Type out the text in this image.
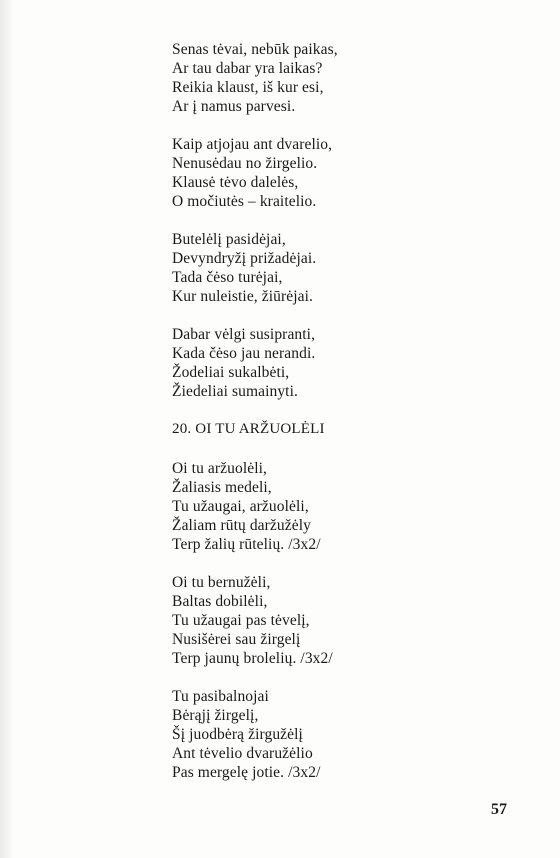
Senas tėvai, nebūk paikas,
Ar tau dabar yra laikas?
Reikia klaust, iš kur esi,
Ar į namus parvesi.
Kaip atjojau ant dvarelio,
Nenusėdau no žirgelio.
Klausė tėvo dalelės,
O močiutės – kraitelio.
Butelėlį pasidėjai,
Devyndryžį prižadėjai.
Tada čėso turėjai,
Kur nuleistie, žiūrėjai.
Dabar vėlgi susipranti,
Kada čėso jau nerandi.
Žodeliai sukalbėti,
Žiedeliai sumainyti.
20. OI TU ARŽUOLĖLI
Oi tu aržuolėli,
Žaliasis medeli,
Tu užaugai, aržuolėli,
Žaliam rūtų daržužėly
Terp žalių rūtelių. /3x2/
Oi tu bernužėli,
Baltas dobilėli,
Tu užaugai pas tėvelį,
Nusišėrei sau žirgelį
Terp jaunų brolelių. /3x2/
Tu pasibalnojai
Bėrąjį žirgelį,
Šį juodbėrą žirgužėlį
Ant tėvelio dvaružėlio
Pas mergelę jotie. /3x2/
57
